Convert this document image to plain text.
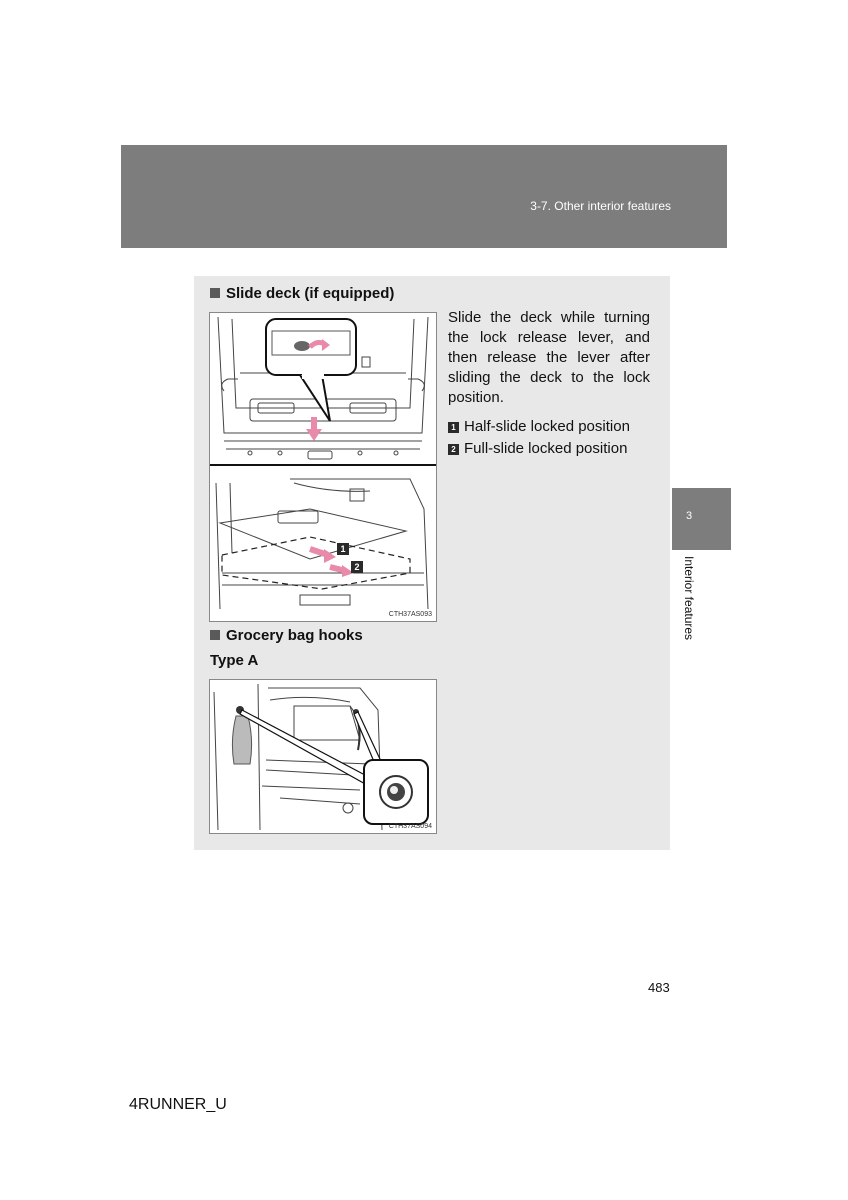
3-7. Other interior features
3
Interior features
Slide deck (if equipped)
1
2
CTH37AS093
Slide the deck while turning the lock release lever, and then release the lever after sliding the deck to the lock position.
1 Half-slide locked position
2 Full-slide locked position
Grocery bag hooks
Type A
CTH37AS094
483
4RUNNER_U
